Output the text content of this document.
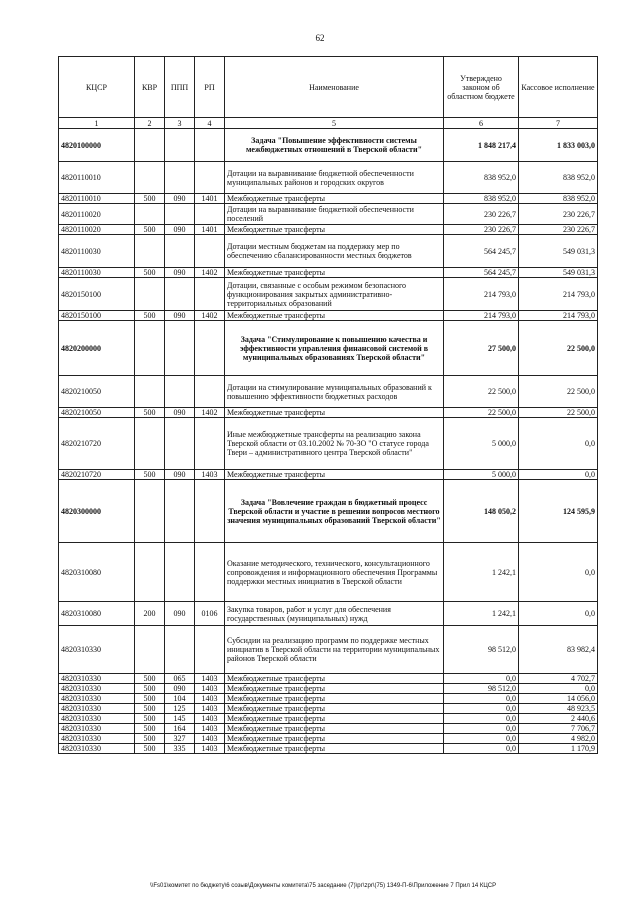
62
КЦСР	КВР	ППП	РП	Наименование	Утверждено законом об областном бюджете	Кассовое исполнение
1	2	3	4	5	6	7
4820100000				Задача "Повышение эффективности системы межбюджетных отношений в Тверской области"	1 848 217,4	1 833 003,0
4820110010				Дотации на выравнивание бюджетной обеспеченности муниципальных районов и городских округов	838 952,0	838 952,0
4820110010	500	090	1401	Межбюджетные трансферты	838 952,0	838 952,0
4820110020				Дотации на выравнивание бюджетной обеспеченности поселений	230 226,7	230 226,7
4820110020	500	090	1401	Межбюджетные трансферты	230 226,7	230 226,7
4820110030				Дотации местным бюджетам на поддержку мер по обеспечению сбалансированности местных бюджетов	564 245,7	549 031,3
4820110030	500	090	1402	Межбюджетные трансферты	564 245,7	549 031,3
4820150100				Дотации, связанные с особым режимом безопасного функционирования закрытых административно-территориальных образований	214 793,0	214 793,0
4820150100	500	090	1402	Межбюджетные трансферты	214 793,0	214 793,0
4820200000				Задача "Стимулирование к повышению качества и эффективности управления финансовой системой в муниципальных образованиях Тверской области"	27 500,0	22 500,0
4820210050				Дотации на стимулирование муниципальных образований к повышению эффективности бюджетных расходов	22 500,0	22 500,0
4820210050	500	090	1402	Межбюджетные трансферты	22 500,0	22 500,0
4820210720				Иные межбюджетные трансферты на реализацию закона Тверской области от 03.10.2002 № 70-ЗО "О статусе города Твери – административного центра Тверской области"	5 000,0	0,0
4820210720	500	090	1403	Межбюджетные трансферты	5 000,0	0,0
4820300000				Задача "Вовлечение граждан в бюджетный процесс Тверской области и участие в решении вопросов местного значения муниципальных образований Тверской области"	148 050,2	124 595,9
4820310080				Оказание методического, технического, консультационного сопровождения и информационного обеспечения Программы поддержки местных инициатив в Тверской области	1 242,1	0,0
4820310080	200	090	0106	Закупка товаров, работ и услуг для обеспечения государственных (муниципальных) нужд	1 242,1	0,0
4820310330				Субсидии на реализацию программ по поддержке местных инициатив в Тверской области на территории муниципальных районов Тверской области	98 512,0	83 982,4
4820310330	500	065	1403	Межбюджетные трансферты	0,0	4 702,7
4820310330	500	090	1403	Межбюджетные трансферты	98 512,0	0,0
4820310330	500	104	1403	Межбюджетные трансферты	0,0	14 056,0
4820310330	500	125	1403	Межбюджетные трансферты	0,0	48 923,5
4820310330	500	145	1403	Межбюджетные трансферты	0,0	2 440,6
4820310330	500	164	1403	Межбюджетные трансферты	0,0	7 706,7
4820310330	500	327	1403	Межбюджетные трансферты	0,0	4 982,0
4820310330	500	335	1403	Межбюджетные трансферты	0,0	1 170,9
\\Fs01\комитет по бюджету\6 созыв\Документы комитета\75 заседание (7)\рг\zpr\(75) 1349-П-6\Приложение 7 Прил 14 КЦСР
